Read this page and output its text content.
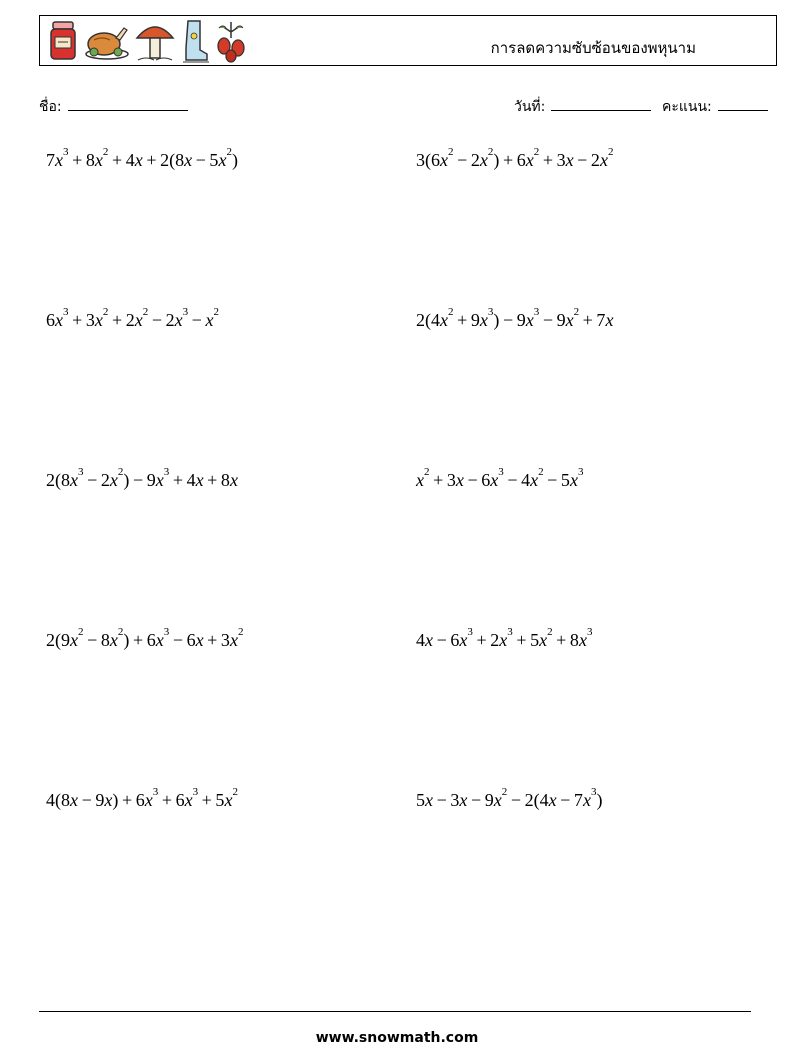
การลดความซับซ้อนของพหุนาม
ชื่อ:	วันที่:	คะแนน:
$7x^3 + 8x^2 + 4x + 2(8x - 5x^2)$	$3(6x^2 - 2x^2) + 6x^2 + 3x - 2x^2$
$6x^3 + 3x^2 + 2x^2 - 2x^3 - x^2$	$2(4x^2 + 9x^3) - 9x^3 - 9x^2 + 7x$
$2(8x^3 - 2x^2) - 9x^3 + 4x + 8x$	$x^2 + 3x - 6x^3 - 4x^2 - 5x^3$
$2(9x^2 - 8x^2) + 6x^3 - 6x + 3x^2$	$4x - 6x^3 + 2x^3 + 5x^2 + 8x^3$
$4(8x - 9x) + 6x^3 + 6x^3 + 5x^2$	$5x - 3x - 9x^2 - 2(4x - 7x^3)$
www.snowmath.com
